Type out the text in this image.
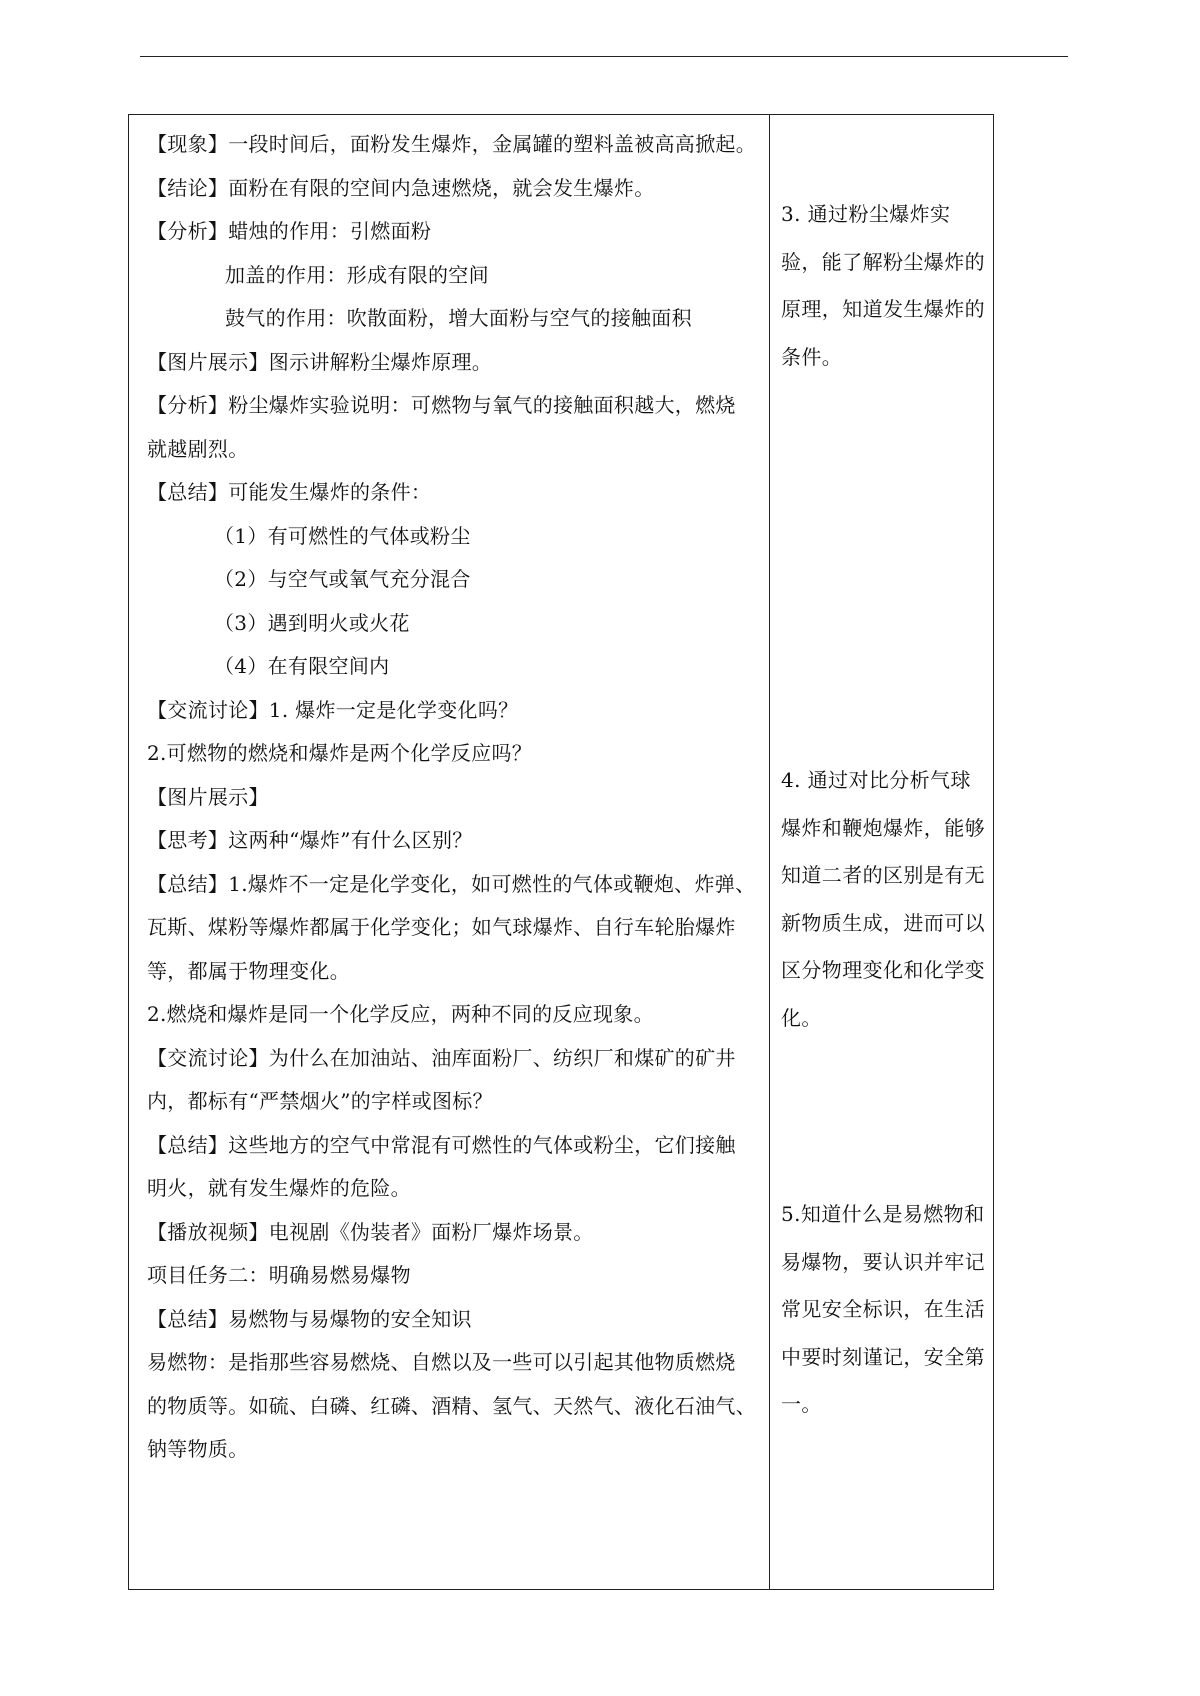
【现象】一段时间后，面粉发生爆炸，金属罐的塑料盖被高高掀起。
【结论】面粉在有限的空间内急速燃烧，就会发生爆炸。
【分析】蜡烛的作用：引燃面粉
加盖的作用：形成有限的空间
鼓气的作用：吹散面粉，增大面粉与空气的接触面积
【图片展示】图示讲解粉尘爆炸原理。
【分析】粉尘爆炸实验说明：可燃物与氧气的接触面积越大，燃烧
就越剧烈。
【总结】可能发生爆炸的条件：
（1）有可燃性的气体或粉尘
（2）与空气或氧气充分混合
（3）遇到明火或火花
（4）在有限空间内
【交流讨论】1. 爆炸一定是化学变化吗？
2.可燃物的燃烧和爆炸是两个化学反应吗？
【图片展示】
【思考】这两种“爆炸”有什么区别？
【总结】1.爆炸不一定是化学变化，如可燃性的气体或鞭炮、炸弹、
瓦斯、煤粉等爆炸都属于化学变化；如气球爆炸、自行车轮胎爆炸
等，都属于物理变化。
2.燃烧和爆炸是同一个化学反应，两种不同的反应现象。
【交流讨论】为什么在加油站、油库面粉厂、纺织厂和煤矿的矿井
内，都标有“严禁烟火”的字样或图标？
【总结】这些地方的空气中常混有可燃性的气体或粉尘，它们接触
明火，就有发生爆炸的危险。
【播放视频】电视剧《伪装者》面粉厂爆炸场景。
项目任务二：明确易燃易爆物
【总结】易燃物与易爆物的安全知识
易燃物：是指那些容易燃烧、自燃以及一些可以引起其他物质燃烧
的物质等。如硫、白磷、红磷、酒精、氢气、天然气、液化石油气、
钠等物质。
3. 通过粉尘爆炸实验，能了解粉尘爆炸的原理，知道发生爆炸的条件。
4. 通过对比分析气球爆炸和鞭炮爆炸，能够知道二者的区别是有无新物质生成，进而可以区分物理变化和化学变化。
5.知道什么是易燃物和易爆物，要认识并牢记常见安全标识，在生活中要时刻谨记，安全第一。
